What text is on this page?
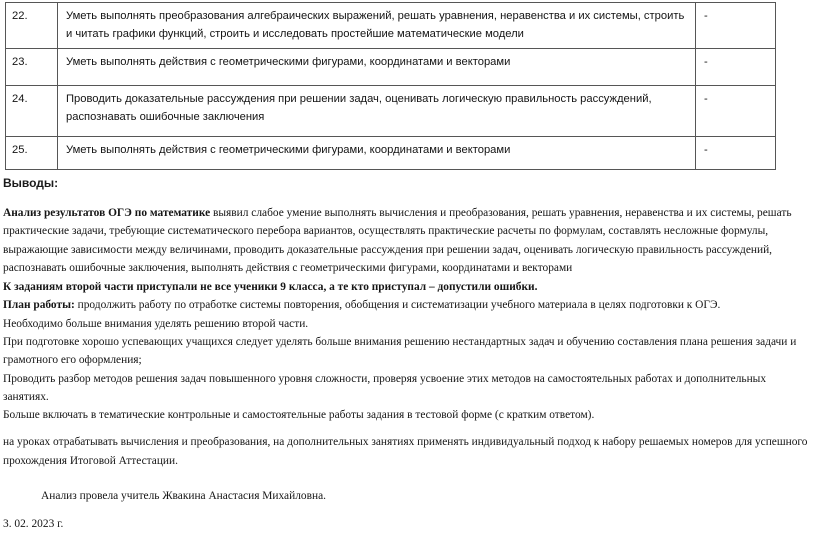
22.	Уметь выполнять преобразования алгебраических выражений, решать уравнения, неравенства и их системы, строить и читать графики функций, строить и исследовать простейшие математические модели	-
23.	Уметь выполнять действия с геометрическими фигурами, координатами и векторами	-
24.	Проводить доказательные рассуждения при решении задач, оценивать логическую правильность рассуждений, распознавать ошибочные заключения	-
25.	Уметь выполнять действия с геометрическими фигурами, координатами и векторами	-
Выводы:

Анализ результатов ОГЭ по математике выявил слабое умение выполнять вычисления и преобразования, решать уравнения, неравенства и их системы, решать практические задачи, требующие систематического перебора вариантов, осуществлять практические расчеты по формулам, составлять несложные формулы, выражающие зависимости между величинами, проводить доказательные рассуждения при решении задач, оценивать логическую правильность рассуждений, распознавать ошибочные заключения, выполнять действия с геометрическими фигурами, координатами и векторами

К заданиям второй части приступали не все ученики 9 класса, а те кто приступал – допустили ошибки.

План работы: продолжить работу по отработке системы повторения, обобщения и систематизации учебного материала в целях подготовки к ОГЭ.

Необходимо больше внимания уделять решению второй части.

При подготовке хорошо успевающих учащихся следует уделять больше внимания решению нестандартных задач и обучению составления плана решения задачи и грамотного его оформления;

Проводить разбор методов решения задач повышенного уровня сложности, проверяя усвоение этих методов на самостоятельных работах и дополнительных занятиях.

Больше включать в тематические контрольные и самостоятельные работы задания в тестовой форме (с кратким ответом).

на уроках отрабатывать вычисления и преобразования, на дополнительных занятиях применять индивидуальный подход к набору решаемых номеров для успешного прохождения Итоговой Аттестации.

Анализ провела учитель Жвакина Анастасия Михайловна.

3. 02. 2023 г.
